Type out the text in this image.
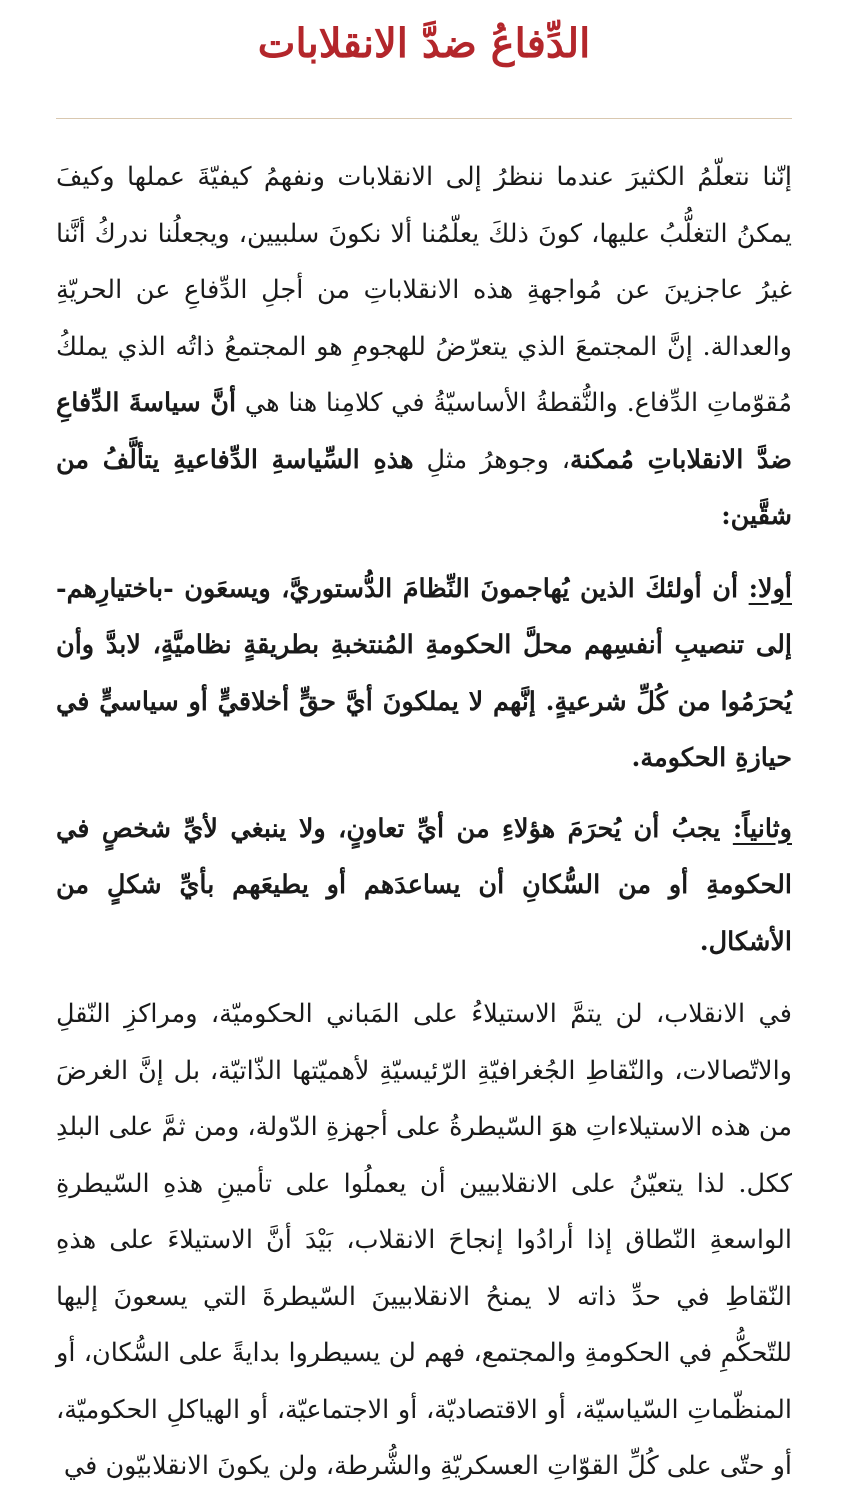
الدِّفاعُ ضدَّ الانقلابات

إنّنا نتعلّمُ الكثيرَ عندما ننظرُ إلى الانقلابات ونفهمُ كيفيّةَ عملها وكيفَ يمكنُ التغلُّبُ عليها، كونَ ذلكَ يعلّمُنا ألا نكونَ سلبيين، ويجعلُنا ندركُ أنَّنا غيرُ عاجزينَ عن مُواجهةِ هذه الانقلاباتِ من أجلِ الدِّفاعِ عن الحريّةِ والعدالة. إنَّ المجتمعَ الذي يتعرّضُ للهجومِ هو المجتمعُ ذاتُه الذي يملكُ مُقوّماتِ الدِّفاع. والنُّقطةُ الأساسيّةُ في كلامِنا هنا هي أنَّ سياسةَ الدِّفاعِ ضدَّ الانقلاباتِ مُمكنة، وجوهرُ مثلِ هذهِ السِّياسةِ الدِّفاعيةِ يتألَّفُ من شقَّين:

أولا: أن أولئكَ الذين يُهاجمونَ النِّظامَ الدُّستوريَّ، ويسعَون -باختيارِهم- إلى تنصيبِ أنفسِهم محلَّ الحكومةِ المُنتخبةِ بطريقةٍ نظاميَّةٍ، لابدَّ وأن يُحرَمُوا من كُلِّ شرعيةٍ. إنَّهم لا يملكونَ أيَّ حقٍّ أخلاقيٍّ أو سياسيٍّ في حيازةِ الحكومة.

وثانياً: يجبُ أن يُحرَمَ هؤلاءِ من أيِّ تعاونٍ، ولا ينبغي لأيِّ شخصٍ في الحكومةِ أو من السُّكانِ أن يساعدَهم أو يطيعَهم بأيِّ شكلٍ من الأشكال.

في الانقلاب، لن يتمَّ الاستيلاءُ على المَباني الحكوميّة، ومراكزِ النّقلِ والاتّصالات، والنّقاطِ الجُغرافيّةِ الرّئيسيّةِ لأهميّتها الذّاتيّة، بل إنَّ الغرضَ من هذه الاستيلاءاتِ هوَ السّيطرةُ على أجهزةِ الدّولة، ومن ثمَّ على البلدِ ككل. لذا يتعيّنُ على الانقلابيين أن يعملُوا على تأمينِ هذهِ السّيطرةِ الواسعةِ النّطاق إذا أرادُوا إنجاحَ الانقلاب، بَيْدَ أنَّ الاستيلاءَ على هذهِ النّقاطِ في حدِّ ذاته لا يمنحُ الانقلابيينَ السّيطرةَ التي يسعونَ إليها للتّحكُّمِ في الحكومةِ والمجتمع، فهم لن يسيطروا بدايةً على السُّكان، أو المنظّماتِ السّياسيّة، أو الاقتصاديّة، أو الاجتماعيّة، أو الهياكلِ الحكوميّة، أو حتّى على كُلِّ القوّاتِ العسكريّةِ والشُّرطة، ولن يكونَ الانقلابيّون في
